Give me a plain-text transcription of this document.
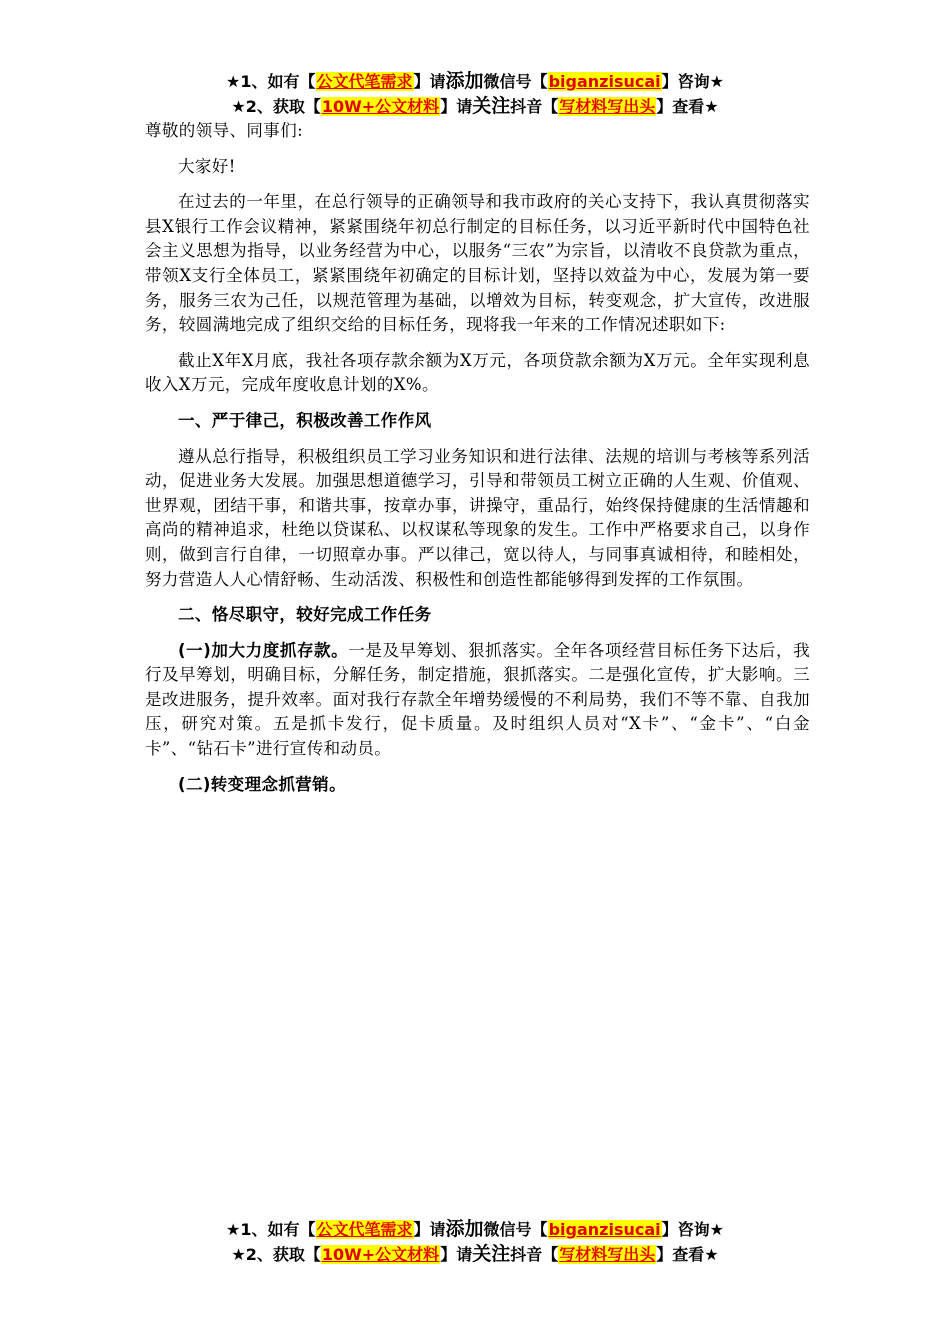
★1、如有【公文代笔需求】请添加微信号【biganzisucai】咨询★
★2、获取【10W+公文材料】请关注抖音【写材料写出头】查看★

尊敬的领导、同事们:

大家好!

在过去的一年里，在总行领导的正确领导和我市政府的关心支持下，我认真贯彻落实县X银行工作会议精神，紧紧围绕年初总行制定的目标任务，以习近平新时代中国特色社会主义思想为指导，以业务经营为中心，以服务“三农”为宗旨，以清收不良贷款为重点，带领X支行全体员工，紧紧围绕年初确定的目标计划，坚持以效益为中心，发展为第一要务，服务三农为己任，以规范管理为基础，以增效为目标，转变观念，扩大宣传，改进服务，较圆满地完成了组织交给的目标任务，现将我一年来的工作情况述职如下:

截止X年X月底，我社各项存款余额为X万元，各项贷款余额为X万元。全年实现利息收入X万元，完成年度收息计划的X%。

一、严于律己，积极改善工作作风

遵从总行指导，积极组织员工学习业务知识和进行法律、法规的培训与考核等系列活动，促进业务大发展。加强思想道德学习，引导和带领员工树立正确的人生观、价值观、世界观，团结干事，和谐共事，按章办事，讲操守，重品行，始终保持健康的生活情趣和高尚的精神追求，杜绝以贷谋私、以权谋私等现象的发生。工作中严格要求自己，以身作则，做到言行自律，一切照章办事。严以律己，宽以待人，与同事真诚相待，和睦相处，努力营造人人心情舒畅、生动活泼、积极性和创造性都能够得到发挥的工作氛围。

二、恪尽职守，较好完成工作任务

(一)加大力度抓存款。一是及早筹划、狠抓落实。全年各项经营目标任务下达后，我行及早筹划，明确目标，分解任务，制定措施，狠抓落实。二是强化宣传，扩大影响。三是改进服务，提升效率。面对我行存款全年增势缓慢的不利局势，我们不等不靠、自我加压，研究对策。五是抓卡发行，促卡质量。及时组织人员对“X卡”、“金卡”、“白金卡”、“钻石卡”进行宣传和动员。

(二)转变理念抓营销。

★1、如有【公文代笔需求】请添加微信号【biganzisucai】咨询★
★2、获取【10W+公文材料】请关注抖音【写材料写出头】查看★
